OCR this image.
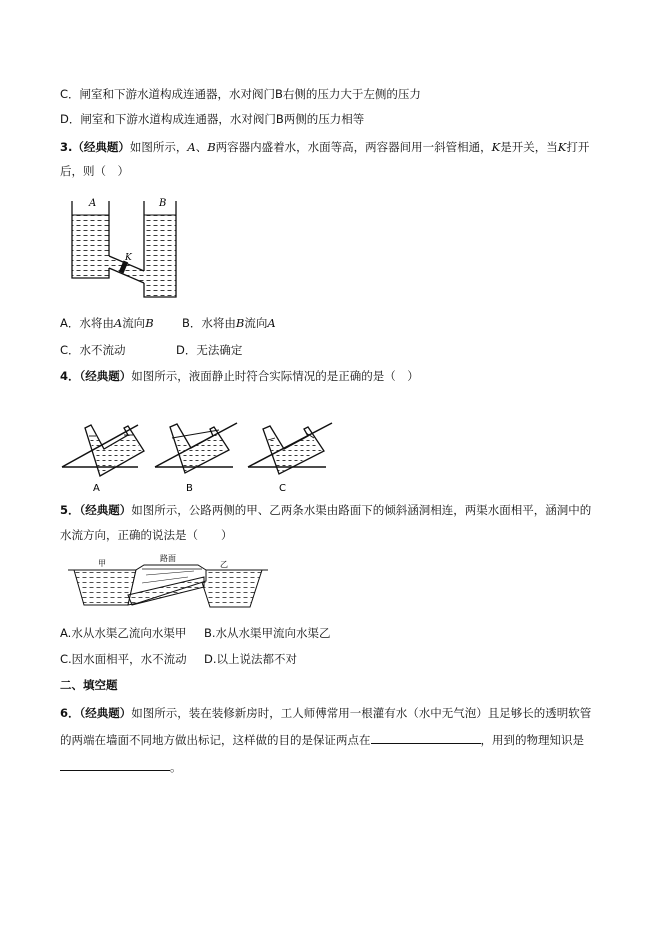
C．闸室和下游水道构成连通器，水对阀门B右侧的压力大于左侧的压力
D．闸室和下游水道构成连通器，水对阀门B两侧的压力相等
3.（经典题）如图所示，A、B两容器内盛着水，水面等高，两容器间用一斜管相通，K是开关，当K打开
后，则（　）
A	B
K
A．水将由A流向B B．水将由B流向A
C．水不流动	D．无法确定
4．（经典题）如图所示，液面静止时符合实际情况的是正确的是（　）
A	B	C
5．（经典题）如图所示，公路两侧的甲、乙两条水渠由路面下的倾斜涵洞相连，两渠水面相平，涵洞中的
水流方向，正确的说法是（　　）
甲
路面
乙
A.水从水渠乙流向水渠甲 B.水从水渠甲流向水渠乙
C.因水面相平，水不流动 D.以上说法都不对
二、填空题
6．（经典题）如图所示，装在装修新房时，工人师傅常用一根灌有水（水中无气泡）且足够长的透明软管
的两端在墙面不同地方做出标记，这样做的目的是保证两点在	，用到的物理知识是
。
